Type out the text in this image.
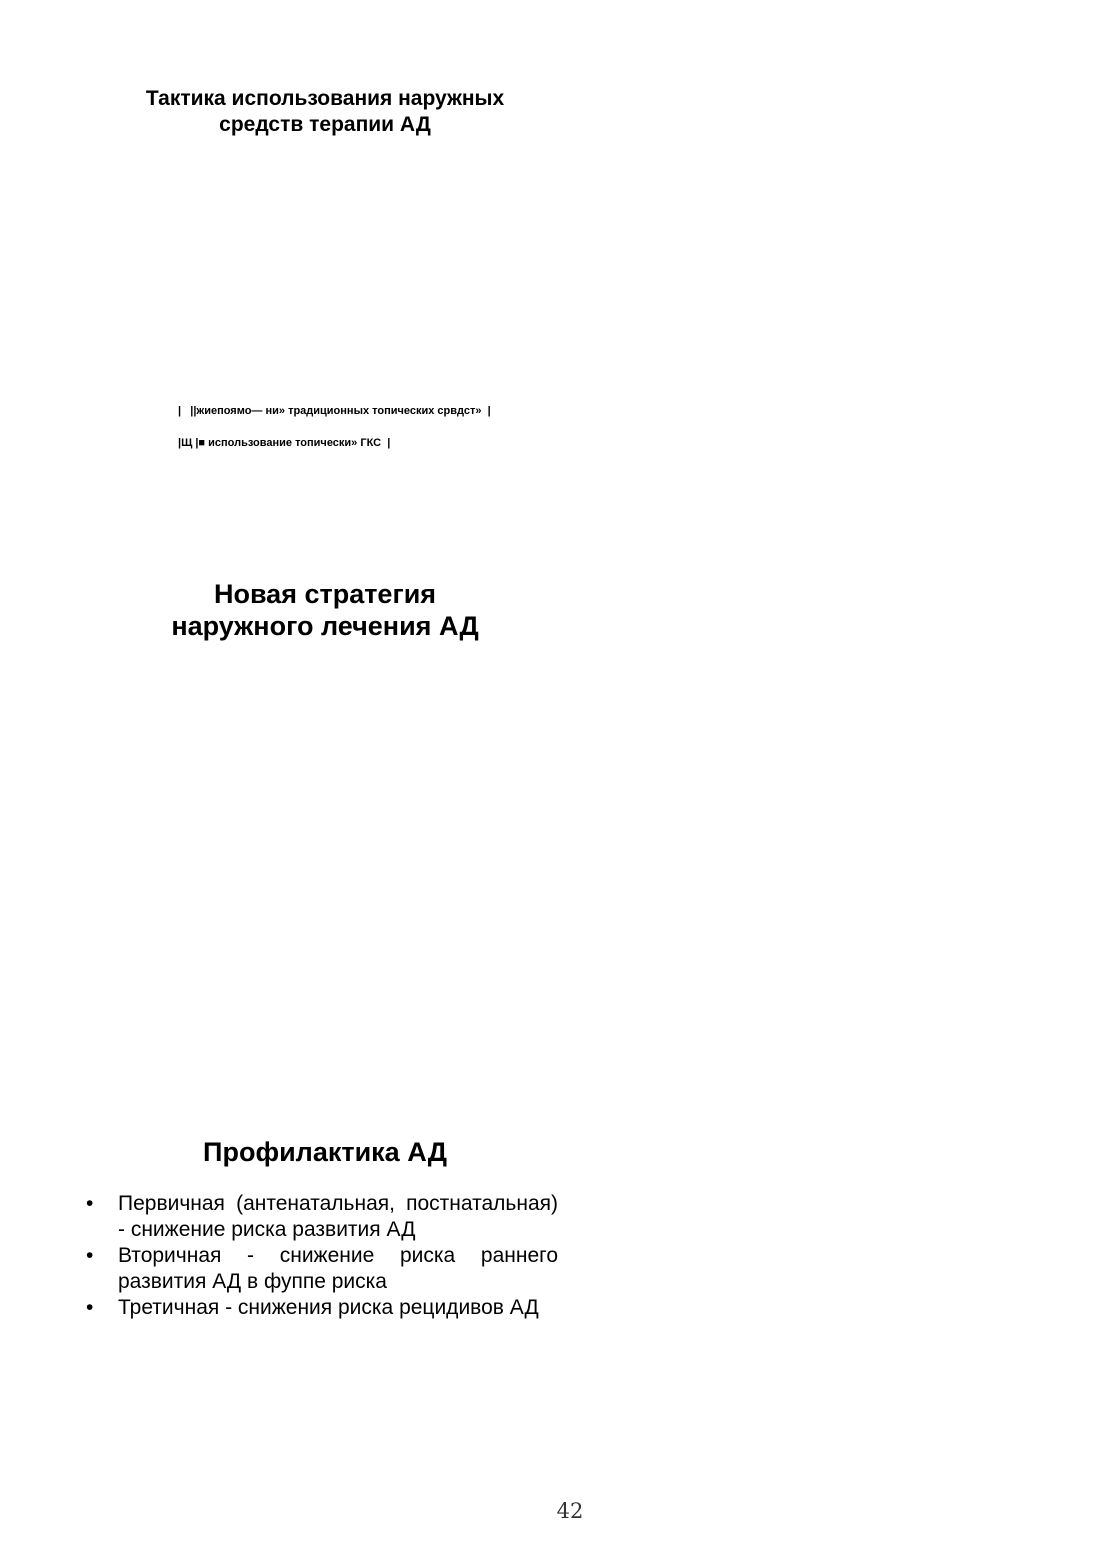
Тактика использования наружных
средств терапии АД

|   ||жиепоямо— ни» традиционных топических срвдст»  |

|Щ |■ использование топически» ГКС  |

Новая стратегия
наружного лечения АД
Профилактика АД
•	Первичная (антенатальная, постнатальная) - снижение риска развития АД
•	Вторичная - снижение риска раннего развития АД в фуппе риска
•	Третичная - снижения риска рецидивов АД
42
